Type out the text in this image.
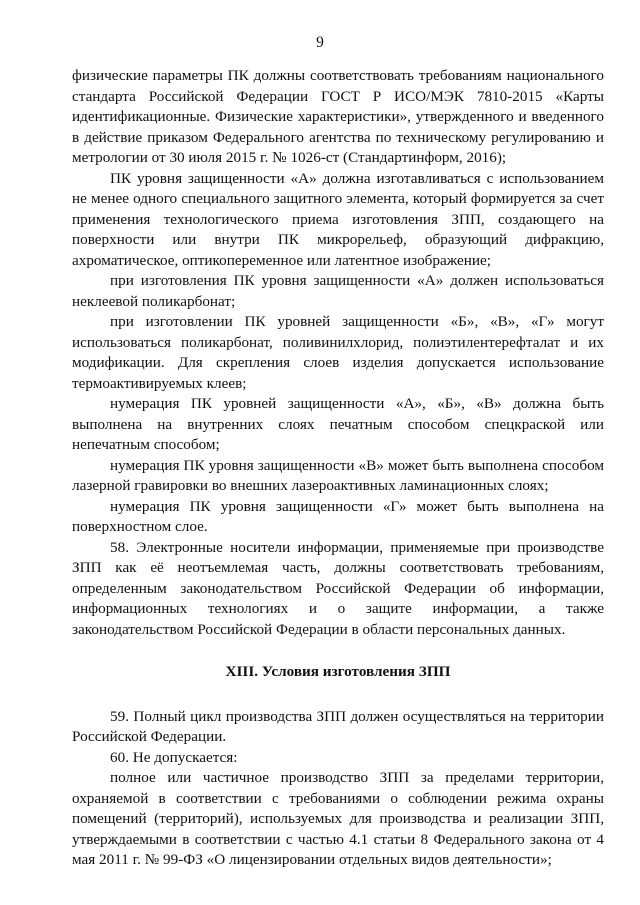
9

физические параметры ПК должны соответствовать требованиям национального стандарта Российской Федерации ГОСТ Р ИСО/МЭК 7810-2015 «Карты идентификационные. Физические характеристики», утвержденного и введенного в действие приказом Федерального агентства по техническому регулированию и метрологии от 30 июля 2015 г. № 1026-ст (Стандартинформ, 2016);

ПК уровня защищенности «А» должна изготавливаться с использованием не менее одного специального защитного элемента, который формируется за счет применения технологического приема изготовления ЗПП, создающего на поверхности или внутри ПК микрорельеф, образующий дифракцию, ахроматическое, оптикопеременное или латентное изображение;

при изготовления ПК уровня защищенности «А» должен использоваться неклеевой поликарбонат;

при изготовлении ПК уровней защищенности «Б», «В», «Г» могут использоваться поликарбонат, поливинилхлорид, полиэтилентерефталат и их модификации. Для скрепления слоев изделия допускается использование термоактивируемых клеев;

нумерация ПК уровней защищенности «А», «Б», «В» должна быть выполнена на внутренних слоях печатным способом спецкраской или непечатным способом;

нумерация ПК уровня защищенности «В» может быть выполнена способом лазерной гравировки во внешних лазероактивных ламинационных слоях;

нумерация ПК уровня защищенности «Г» может быть выполнена на поверхностном слое.

58. Электронные носители информации, применяемые при производстве ЗПП как её неотъемлемая часть, должны соответствовать требованиям, определенным законодательством Российской Федерации об информации, информационных технологиях и о защите информации, а также законодательством Российской Федерации в области персональных данных.

XIII. Условия изготовления ЗПП

59. Полный цикл производства ЗПП должен осуществляться на территории Российской Федерации.

60. Не допускается:

полное или частичное производство ЗПП за пределами территории, охраняемой в соответствии с требованиями о соблюдении режима охраны помещений (территорий), используемых для производства и реализации ЗПП, утверждаемыми в соответствии с частью 4.1 статьи 8 Федерального закона от 4 мая 2011 г. № 99-ФЗ «О лицензировании отдельных видов деятельности»;
